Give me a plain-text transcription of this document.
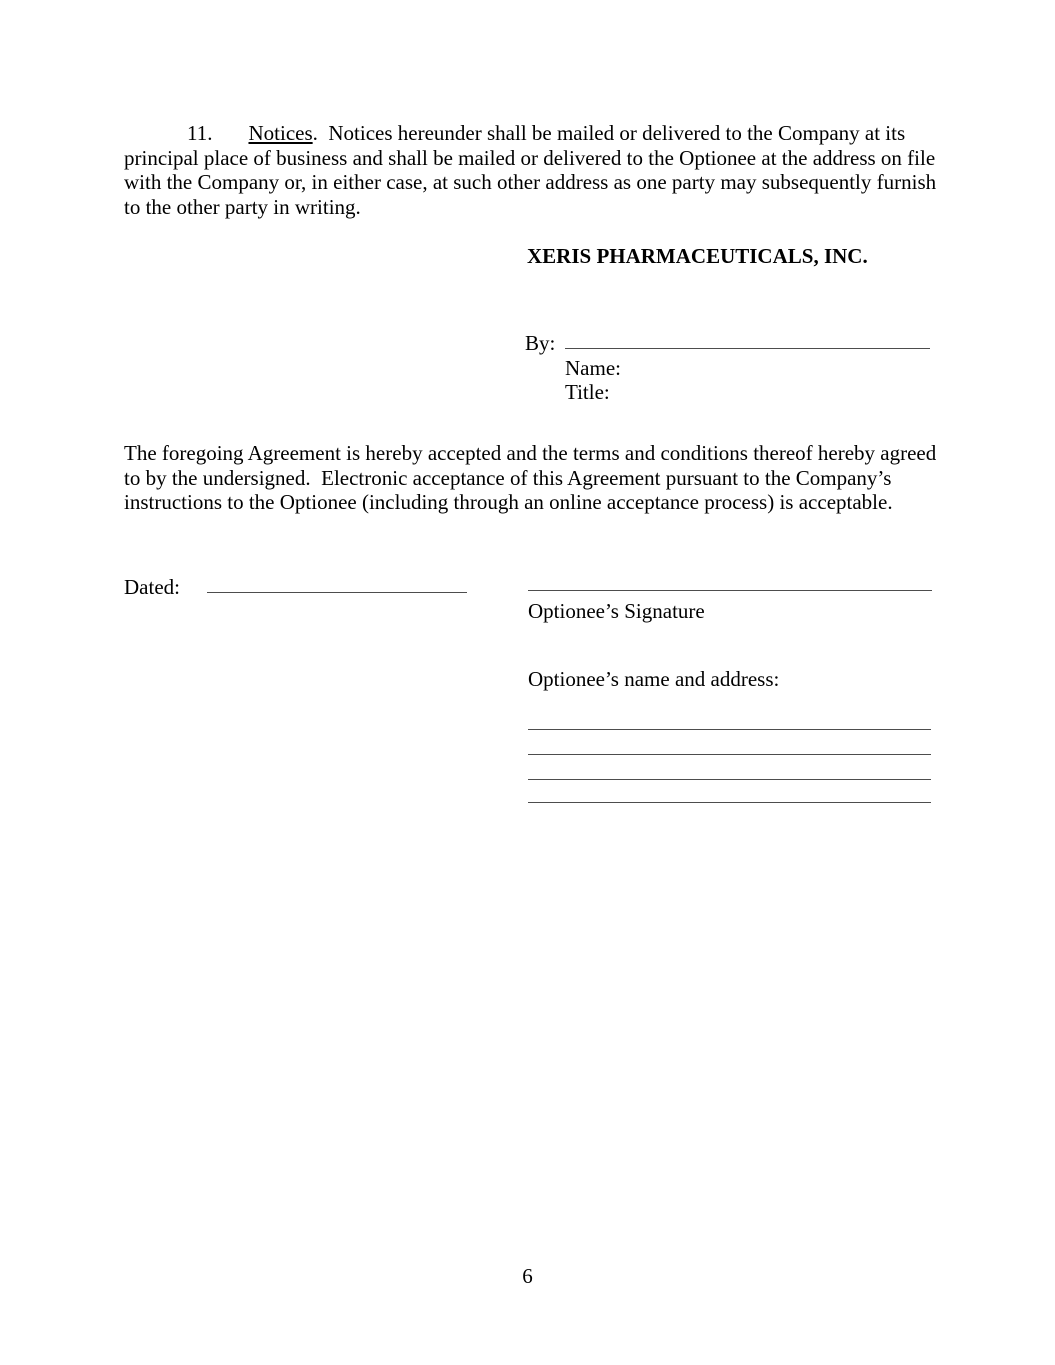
11. Notices.  Notices hereunder shall be mailed or delivered to the Company at its principal place of business and shall be mailed or delivered to the Optionee at the address on file with the Company or, in either case, at such other address as one party may subsequently furnish to the other party in writing.

XERIS PHARMACEUTICALS, INC.
By:
Name:
Title:

The foregoing Agreement is hereby accepted and the terms and conditions thereof hereby agreed to by the undersigned.  Electronic acceptance of this Agreement pursuant to the Company’s instructions to the Optionee (including through an online acceptance process) is acceptable.

Dated:
Optionee’s Signature
Optionee’s name and address:
6
